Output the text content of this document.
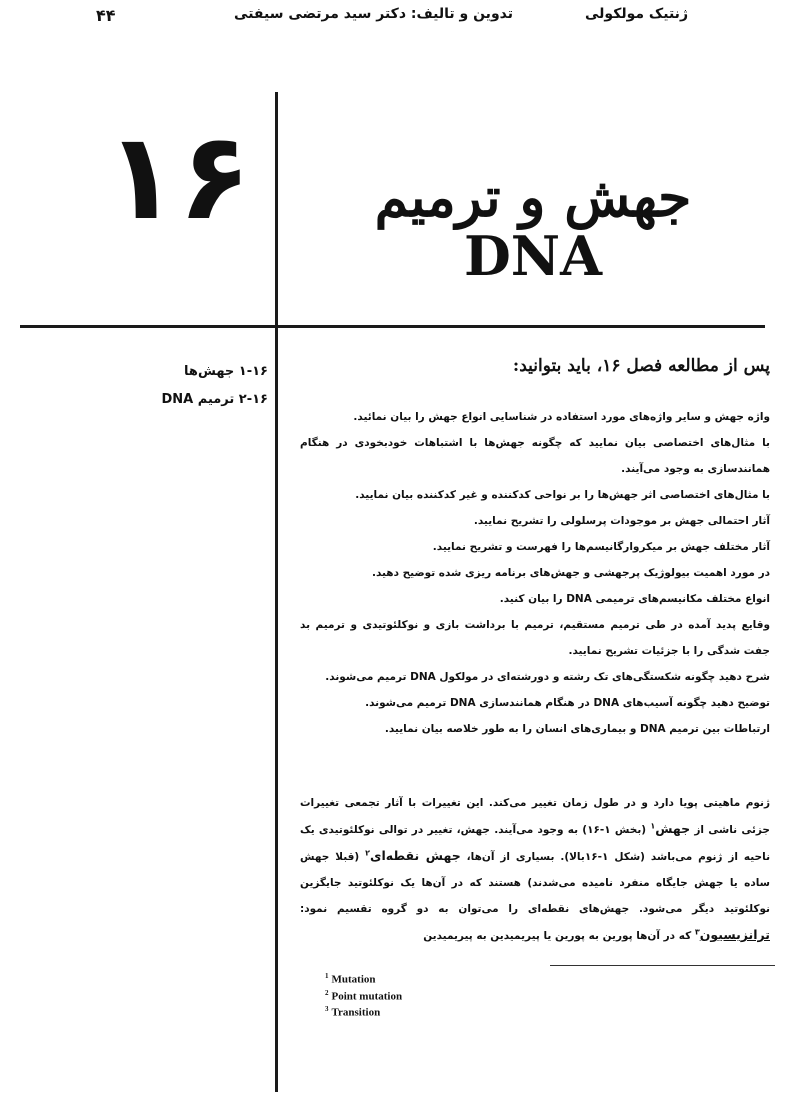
۴۴	تدوین و تالیف: دکتر سید مرتضی سیفتی	ژنتیک مولکولی
۱۶	جهش و ترمیم DNA
۱-۱۶ جهش‌ها
۲-۱۶ ترمیم DNA
پس از مطالعه فصل ۱۶، باید بتوانید:
واژه جهش و سایر واژه‌های مورد استفاده در شناسایی انواع جهش را بیان نمائید.
با مثال‌های اختصاصی بیان نمایید که چگونه جهش‌ها با اشتباهات خودبخودی در هنگام همانندسازی به وجود می‌آیند.
با مثال‌های اختصاصی اثر جهش‌ها را بر نواحی کدکننده و غیر کدکننده بیان نمایید.
آثار احتمالی جهش بر موجودات پرسلولی را تشریح نمایید.
آثار مختلف جهش بر میکروارگانیسم‌ها را فهرست و تشریح نمایید.
در مورد اهمیت بیولوژیک پرجهشی و جهش‌های برنامه ریزی شده توضیح دهید.
انواع مختلف مکانیسم‌های ترمیمی DNA را بیان کنید.
وقایع پدید آمده در طی ترمیم مستقیم، ترمیم با برداشت بازی و نوکلئوتیدی و ترمیم بد جفت شدگی را با جزئیات تشریح نمایید.
شرح دهید چگونه شکستگی‌های تک رشته و دورشته‌ای در مولکول DNA ترمیم می‌شوند.
توضیح دهید چگونه آسیب‌های DNA در هنگام همانندسازی DNA ترمیم می‌شوند.
ارتباطات بین ترمیم DNA و بیماری‌های انسان را به طور خلاصه بیان نمایید.

ژنوم ماهیتی پویا دارد و در طول زمان تغییر می‌کند. این تغییرات با آثار تجمعی تغییرات جزئی ناشی از جهش$^۱$ (بخش ۱-۱۶) به وجود می‌آیند. جهش، تغییر در توالی نوکلئوتیدی یک ناحیه از ژنوم می‌باشد (شکل ۱-۱۶بالا). بسیاری از آن‌ها، جهش نقطه‌ای$^۲$ (قبلا جهش ساده یا جهش جایگاه منفرد نامیده می‌شدند) هستند که در آن‌ها یک نوکلئوتید جایگزین نوکلئوتید دیگر می‌شود. جهش‌های نقطه‌ای را می‌توان به دو گروه تقسیم نمود: ترانزیسیون$^۳$ که در آن‌ها پورین به پورین یا پیریمیدین به پیریمیدین

$^1$ Mutation
$^2$ Point mutation
$^3$ Transition
